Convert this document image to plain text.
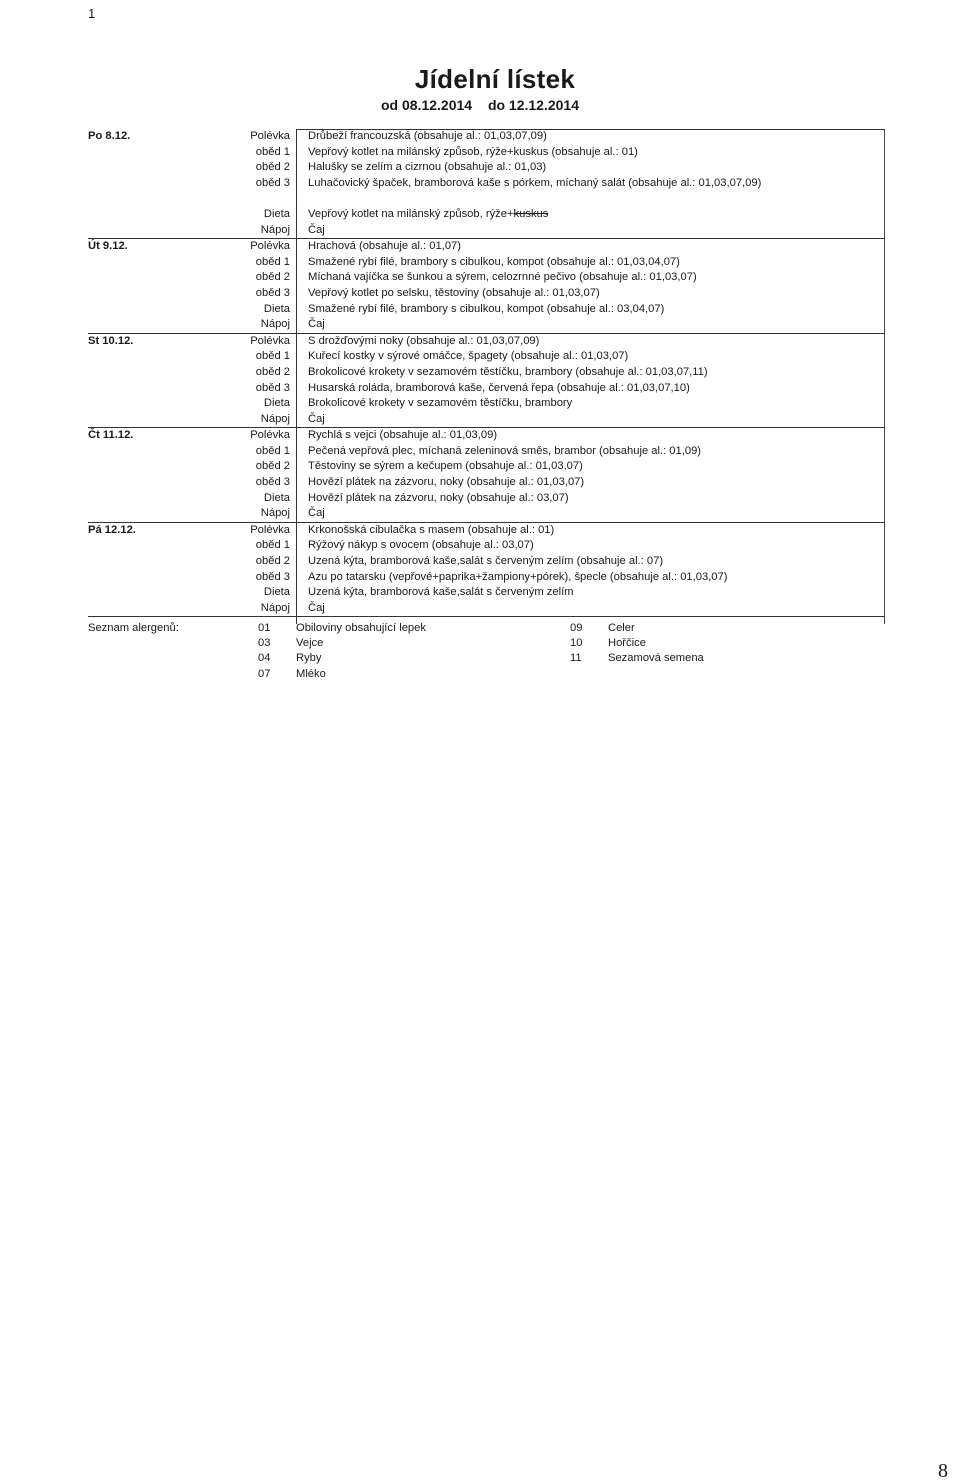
1
Jídelní lístek
od 08.12.2014 do 12.12.2014
Po 8.12.	Polévka Drůbeží francouzská (obsahuje al.: 01,03,07,09)
oběd 1 Vepřový kotlet na milánský způsob, rýže+kuskus (obsahuje al.: 01)
oběd 2 Halušky se zelím a cizrnou (obsahuje al.: 01,03)
oběd 3 Luhačovický špaček, bramborová kaše s pórkem, míchaný salát (obsahuje al.: 01,03,07,09)
Dieta Vepřový kotlet na milánský způsob, rýže+kuskus
Nápoj Čaj
Út 9.12.	Polévka Hrachová (obsahuje al.: 01,07)
oběd 1 Smažené rybí filé, brambory s cibulkou, kompot (obsahuje al.: 01,03,04,07)
oběd 2 Míchaná vajíčka se šunkou a sýrem, celozrnné pečivo (obsahuje al.: 01,03,07)
oběd 3 Vepřový kotlet po selsku, těstoviny (obsahuje al.: 01,03,07)
Dieta Smažené rybí filé, brambory s cibulkou, kompot (obsahuje al.: 03,04,07)
Nápoj Čaj
St 10.12.	Polévka S drožďovými noky (obsahuje al.: 01,03,07,09)
oběd 1 Kuřecí kostky v sýrové omáčce, špagety (obsahuje al.: 01,03,07)
oběd 2 Brokolicové krokety v sezamovém těstíčku, brambory (obsahuje al.: 01,03,07,11)
oběd 3 Husarská roláda, bramborová kaše, červená řepa (obsahuje al.: 01,03,07,10)
Dieta Brokolicové krokety v sezamovém těstíčku, brambory
Nápoj Čaj
Čt 11.12.	Polévka Rychlá s vejci (obsahuje al.: 01,03,09)
oběd 1 Pečená vepřová plec, míchaná zeleninová směs, brambor (obsahuje al.: 01,09)
oběd 2 Těstoviny se sýrem a kečupem (obsahuje al.: 01,03,07)
oběd 3 Hovězí plátek na zázvoru, noky (obsahuje al.: 01,03,07)
Dieta Hovězí plátek na zázvoru, noky (obsahuje al.: 03,07)
Nápoj Čaj
Pá 12.12.	Polévka Krkonošská cibulačka s masem (obsahuje al.: 01)
oběd 1 Rýžový nákyp s ovocem (obsahuje al.: 03,07)
oběd 2 Uzená kýta, bramborová kaše,salát s červeným zelím (obsahuje al.: 07)
oběd 3 Azu po tatarsku (vepřové+paprika+žampiony+pórek), špecle (obsahuje al.: 01,03,07)
Dieta Uzená kýta, bramborová kaše,salát s červeným zelím
Nápoj Čaj
Seznam alergenů:	01 Obiloviny obsahující lepek
03 Vejce
04 Ryby
07 Mléko
09 Celer
10 Hořčice
11 Sezamová semena
8
